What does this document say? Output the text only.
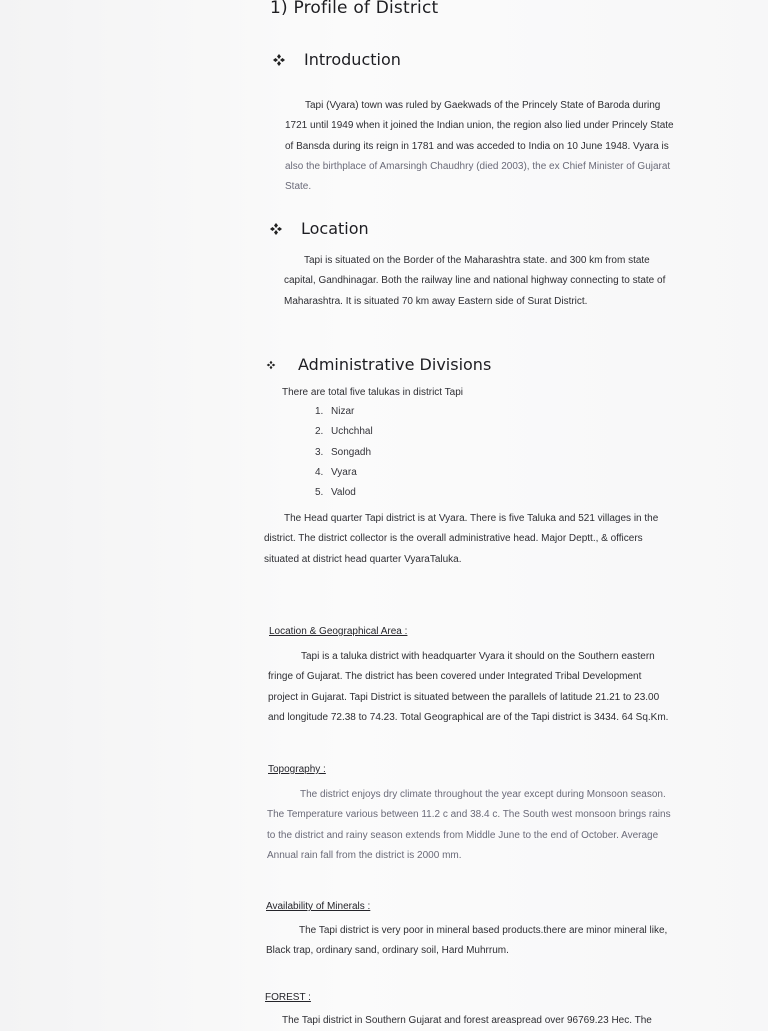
1) Profile of District
Introduction
Tapi (Vyara) town was ruled by Gaekwads of the Princely State of Baroda during
1721 until 1949 when it joined the Indian union, the region also lied under Princely State
of Bansda during its reign in 1781 and was acceded to India on 10 June 1948. Vyara is
also the birthplace of Amarsingh Chaudhry (died 2003), the ex Chief Minister of Gujarat
State.
Location
Tapi is situated on the Border of the Maharashtra state. and 300 km from state
capital, Gandhinagar. Both the railway line and national highway connecting to state of
Maharashtra. It is situated 70 km away Eastern side of Surat District.
Administrative Divisions
There are total five talukas in district Tapi
1. Nizar
2. Uchchhal
3. Songadh
4. Vyara
5. Valod
The Head quarter Tapi district is at Vyara. There is five Taluka and 521 villages in the
district. The district collector is the overall administrative head. Major Deptt., & officers
situated at district head quarter VyaraTaluka.
Location & Geographical Area :
Tapi is a taluka district with headquarter Vyara it should on the Southern eastern
fringe of Gujarat. The district has been covered under Integrated Tribal Development
project in Gujarat. Tapi District is situated between the parallels of latitude 21.21 to 23.00
and longitude 72.38 to 74.23. Total Geographical are of the Tapi district is 3434. 64 Sq.Km.
Topography :
The district enjoys dry climate throughout the year except during Monsoon season.
The Temperature various between 11.2 c and 38.4 c. The South west monsoon brings rains
to the district and rainy season extends from Middle June to the end of October. Average
Annual rain fall from the district is 2000 mm.
Availability of Minerals :
The Tapi district is very poor in mineral based products.there are minor mineral like,
Black trap, ordinary sand, ordinary soil, Hard Muhrrum.
FOREST :
The Tapi district in Southern Gujarat and forest areaspread over 96769.23 Hec. The
